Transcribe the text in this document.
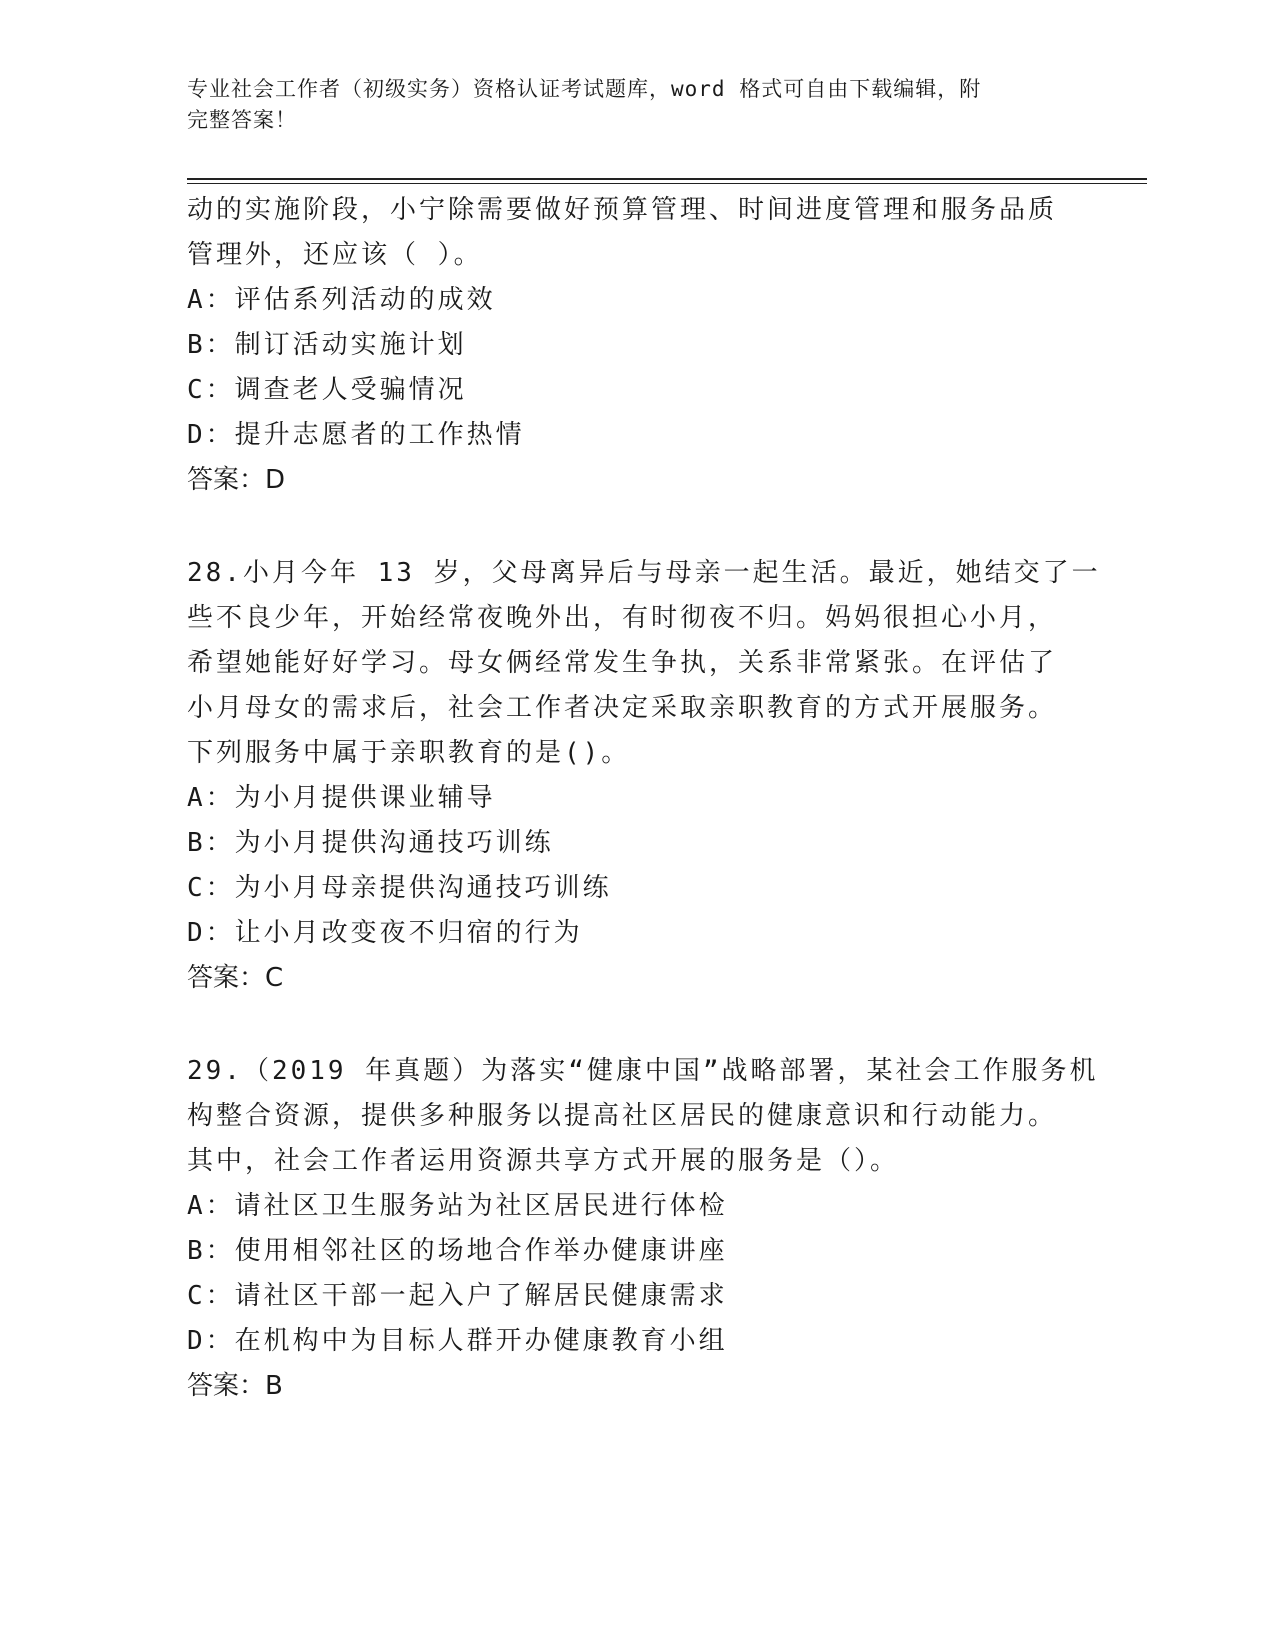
专业社会工作者（初级实务）资格认证考试题库，word 格式可自由下载编辑，附
完整答案！
动的实施阶段，小宁除需要做好预算管理、时间进度管理和服务品质
管理外，还应该（ ）。
A：评估系列活动的成效
B：制订活动实施计划
C：调查老人受骗情况
D：提升志愿者的工作热情
答案：D
28.小月今年 13 岁，父母离异后与母亲一起生活。最近，她结交了一
些不良少年，开始经常夜晚外出，有时彻夜不归。妈妈很担心小月，
希望她能好好学习。母女俩经常发生争执，关系非常紧张。在评估了
小月母女的需求后，社会工作者决定采取亲职教育的方式开展服务。
下列服务中属于亲职教育的是()。
A：为小月提供课业辅导
B：为小月提供沟通技巧训练
C：为小月母亲提供沟通技巧训练
D：让小月改变夜不归宿的行为
答案：C
29.（2019 年真题）为落实“健康中国”战略部署，某社会工作服务机
构整合资源，提供多种服务以提高社区居民的健康意识和行动能力。
其中，社会工作者运用资源共享方式开展的服务是（）。
A：请社区卫生服务站为社区居民进行体检
B：使用相邻社区的场地合作举办健康讲座
C：请社区干部一起入户了解居民健康需求
D：在机构中为目标人群开办健康教育小组
答案：B
